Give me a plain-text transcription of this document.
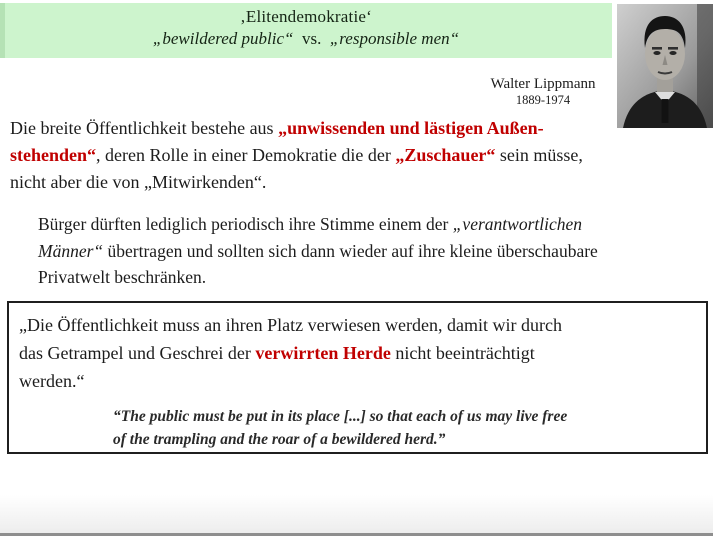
‚Elitendemokratie‘
„bewildered public“  vs.  „responsible men“
Walter Lippmann
1889-1974
Die breite Öffentlichkeit bestehe aus „unwissenden und lästigen Außen-
stehenden“, deren Rolle in einer Demokratie die der „Zuschauer“ sein müsse,
nicht aber die von „Mitwirkenden“.
Bürger dürften lediglich periodisch ihre Stimme einem der „verantwortlichen
Männer“ übertragen und sollten sich dann wieder auf ihre kleine überschaubare
Privatwelt beschränken.
„Die Öffentlichkeit muss an ihren Platz verwiesen werden, damit wir durch
das Getrampel und Geschrei der verwirrten Herde nicht beeinträchtigt
werden.“
“The public must be put in its place [...] so that each of us may live free
of the trampling and the roar of a bewildered herd.”
